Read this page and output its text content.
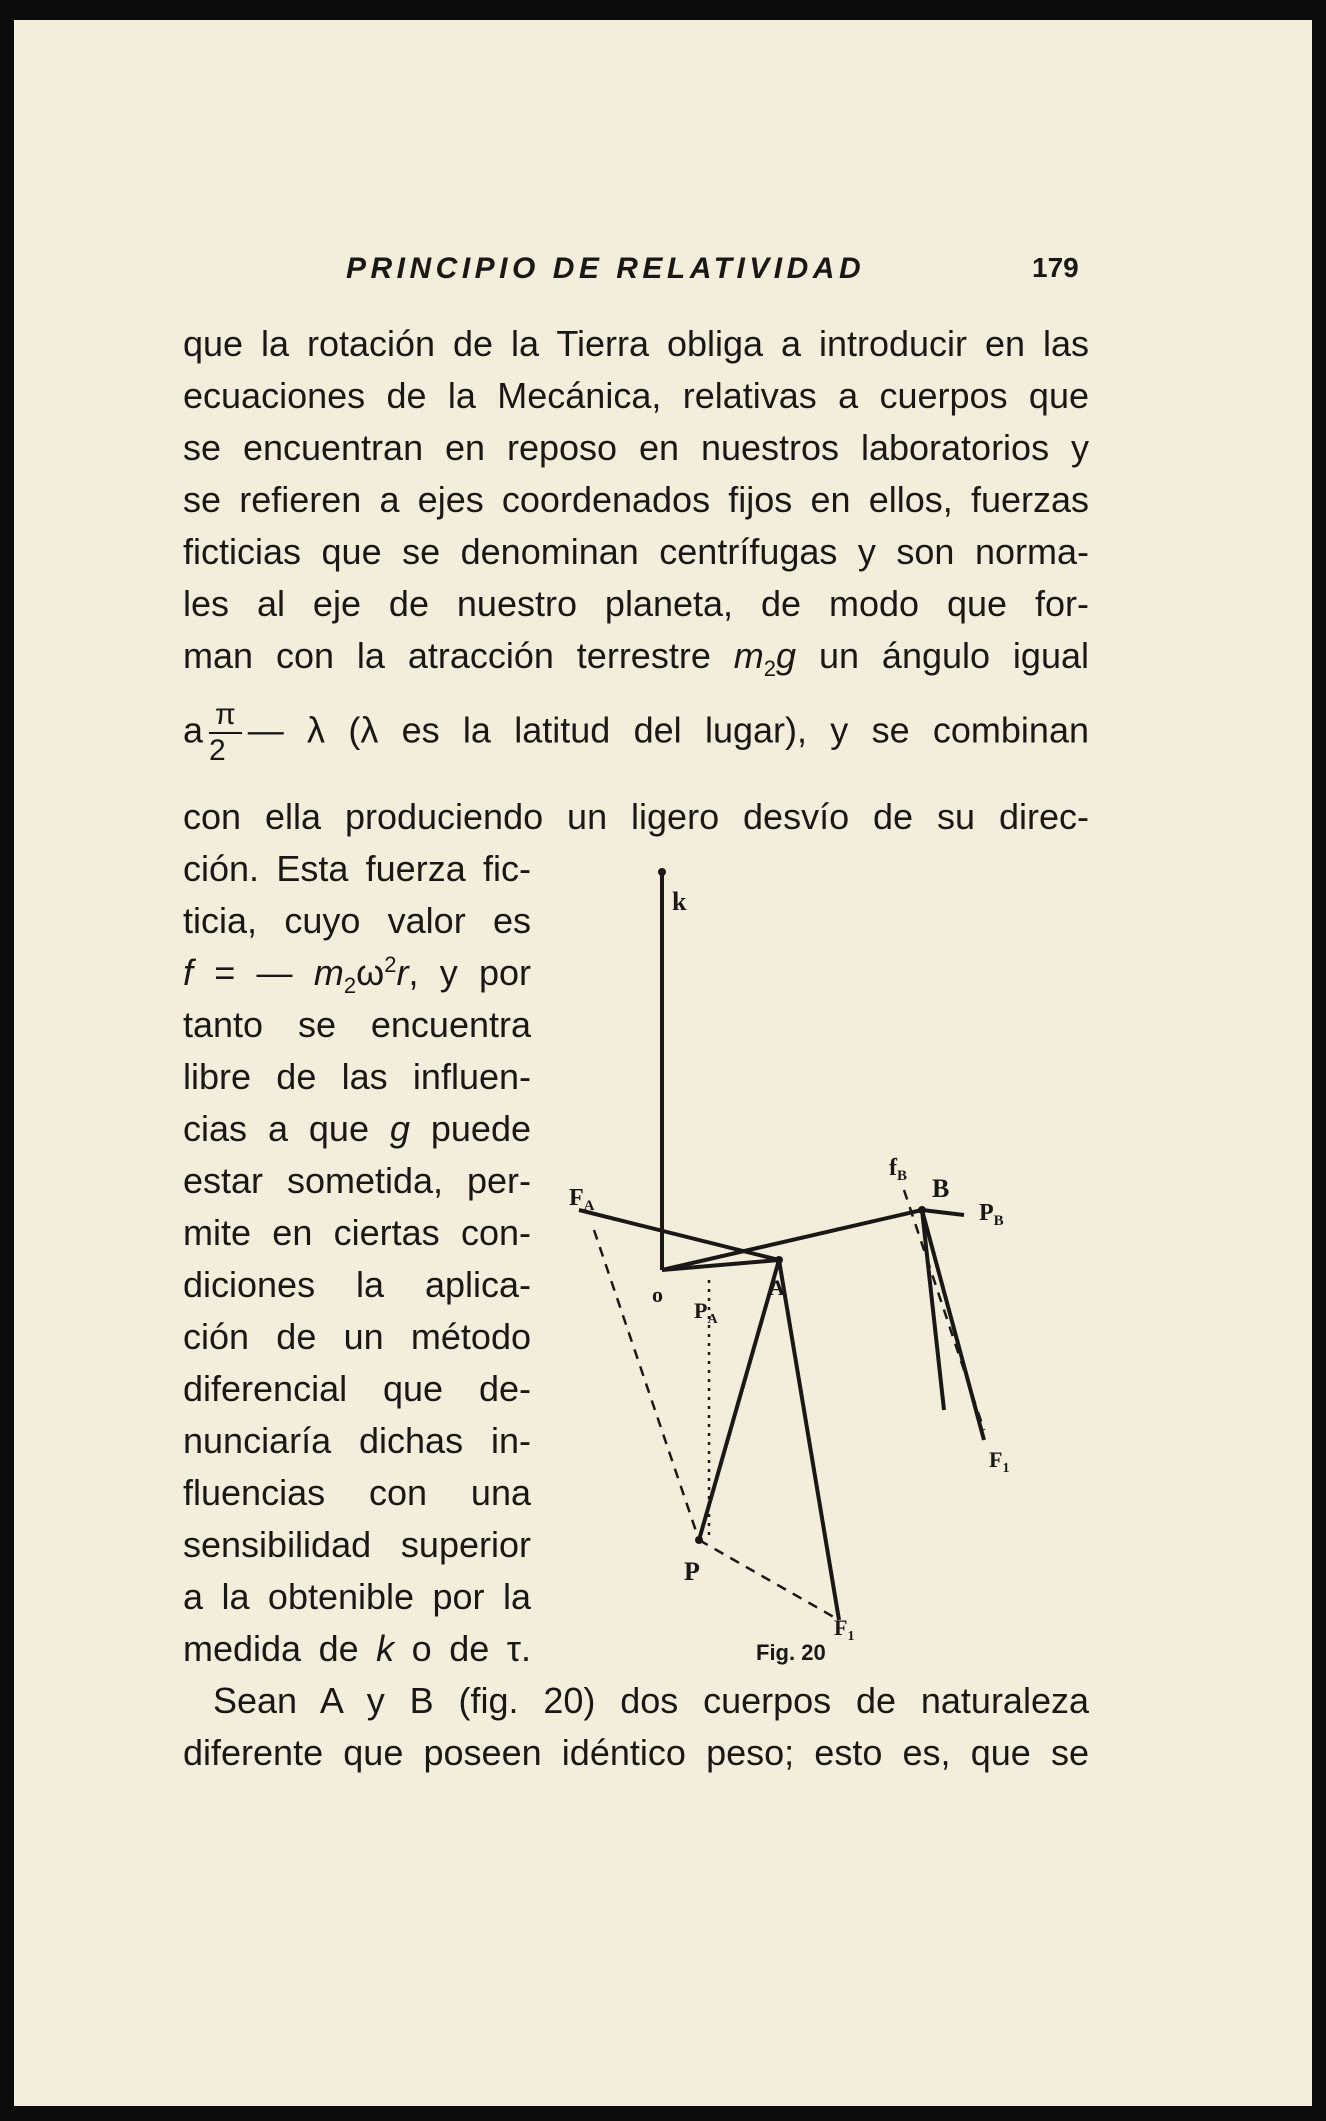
PRINCIPIO DE RELATIVIDAD	179
que la rotación de la Tierra obliga a introducir en las
ecuaciones de la Mecánica, relativas a cuerpos que
se encuentran en reposo en nuestros laboratorios y
se refieren a ejes coordenados fijos en ellos, fuerzas
ficticias que se denominan centrífugas y son norma-
les al eje de nuestro planeta, de modo que for-
man con la atracción terrestre $m_2g$ un ángulo igual
a $\frac{\pi}{2}$ — λ (λ es la latitud del lugar), y se combinan
con ella produciendo un ligero desvío de su direc-
ción. Esta fuerza fic-
ticia, cuyo valor es
f = — $m_2\omega^2r$, y por
tanto se encuentra
libre de las influen-
cias a que g puede
estar sometida, per-
mite en ciertas con-
diciones la aplica-
ción de un método
diferencial que de-
nunciaría dichas in-
fluencias con una
sensibilidad superior
a la obtenible por la
medida de k o de τ.
Sean A y B (fig. 20) dos cuerpos de naturaleza
diferente que poseen idéntico peso; esto es, que se
k
$f_B$ B
$P_B$
$F_A$
A
o
$P_A$
P
$F_1$
$F_1$
Fig. 20
